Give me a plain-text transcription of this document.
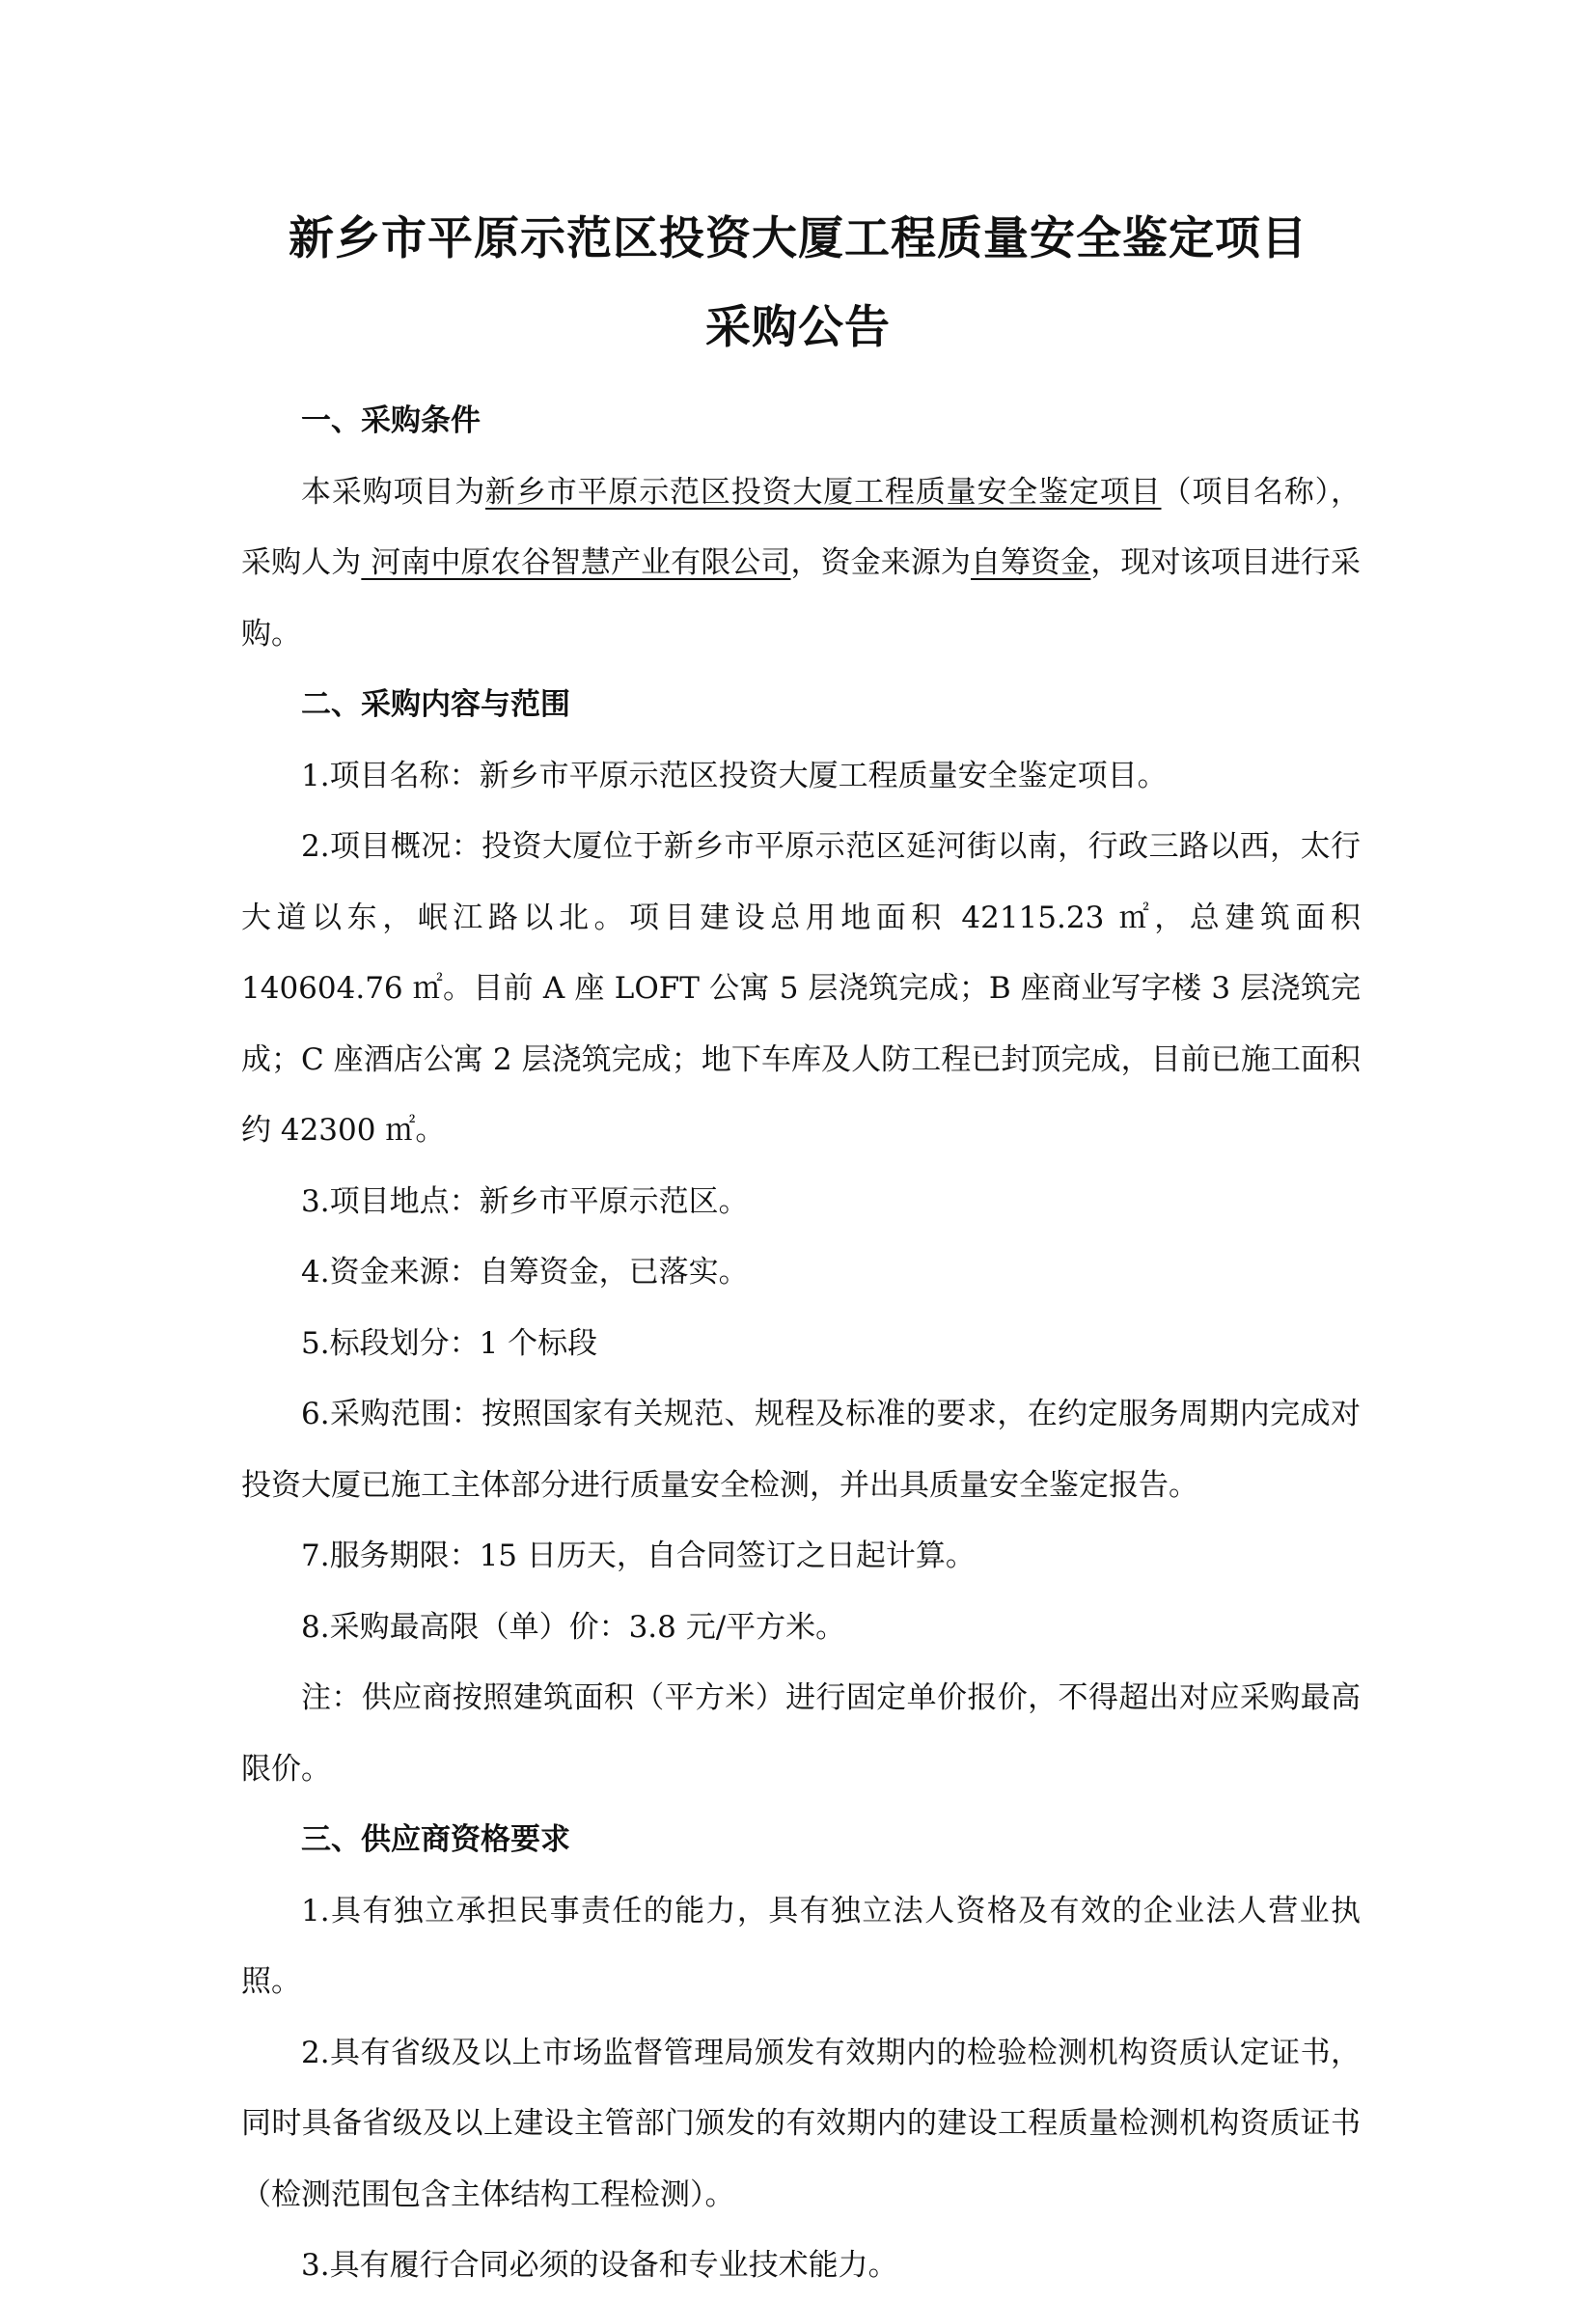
新乡市平原示范区投资大厦工程质量安全鉴定项目
采购公告
一、采购条件

本采购项目为新乡市平原示范区投资大厦工程质量安全鉴定项目（项目名称），采购人为 河南中原农谷智慧产业有限公司，资金来源为自筹资金，现对该项目进行采购。

二、采购内容与范围

1.项目名称：新乡市平原示范区投资大厦工程质量安全鉴定项目。

2.项目概况：投资大厦位于新乡市平原示范区延河街以南，行政三路以西，太行大道以东，岷江路以北。项目建设总用地面积 42115.23 ㎡，总建筑面积 140604.76 ㎡。目前 A 座 LOFT 公寓 5 层浇筑完成；B 座商业写字楼 3 层浇筑完成；C 座酒店公寓 2 层浇筑完成；地下车库及人防工程已封顶完成，目前已施工面积约 42300 ㎡。

3.项目地点：新乡市平原示范区。

4.资金来源：自筹资金，已落实。

5.标段划分：1 个标段

6.采购范围：按照国家有关规范、规程及标准的要求，在约定服务周期内完成对投资大厦已施工主体部分进行质量安全检测，并出具质量安全鉴定报告。

7.服务期限：15 日历天，自合同签订之日起计算。

8.采购最高限（单）价：3.8 元/平方米。

注：供应商按照建筑面积（平方米）进行固定单价报价，不得超出对应采购最高限价。

三、供应商资格要求

1.具有独立承担民事责任的能力，具有独立法人资格及有效的企业法人营业执照。

2.具有省级及以上市场监督管理局颁发有效期内的检验检测机构资质认定证书，同时具备省级及以上建设主管部门颁发的有效期内的建设工程质量检测机构资质证书（检测范围包含主体结构工程检测）。

3.具有履行合同必须的设备和专业技术能力。
